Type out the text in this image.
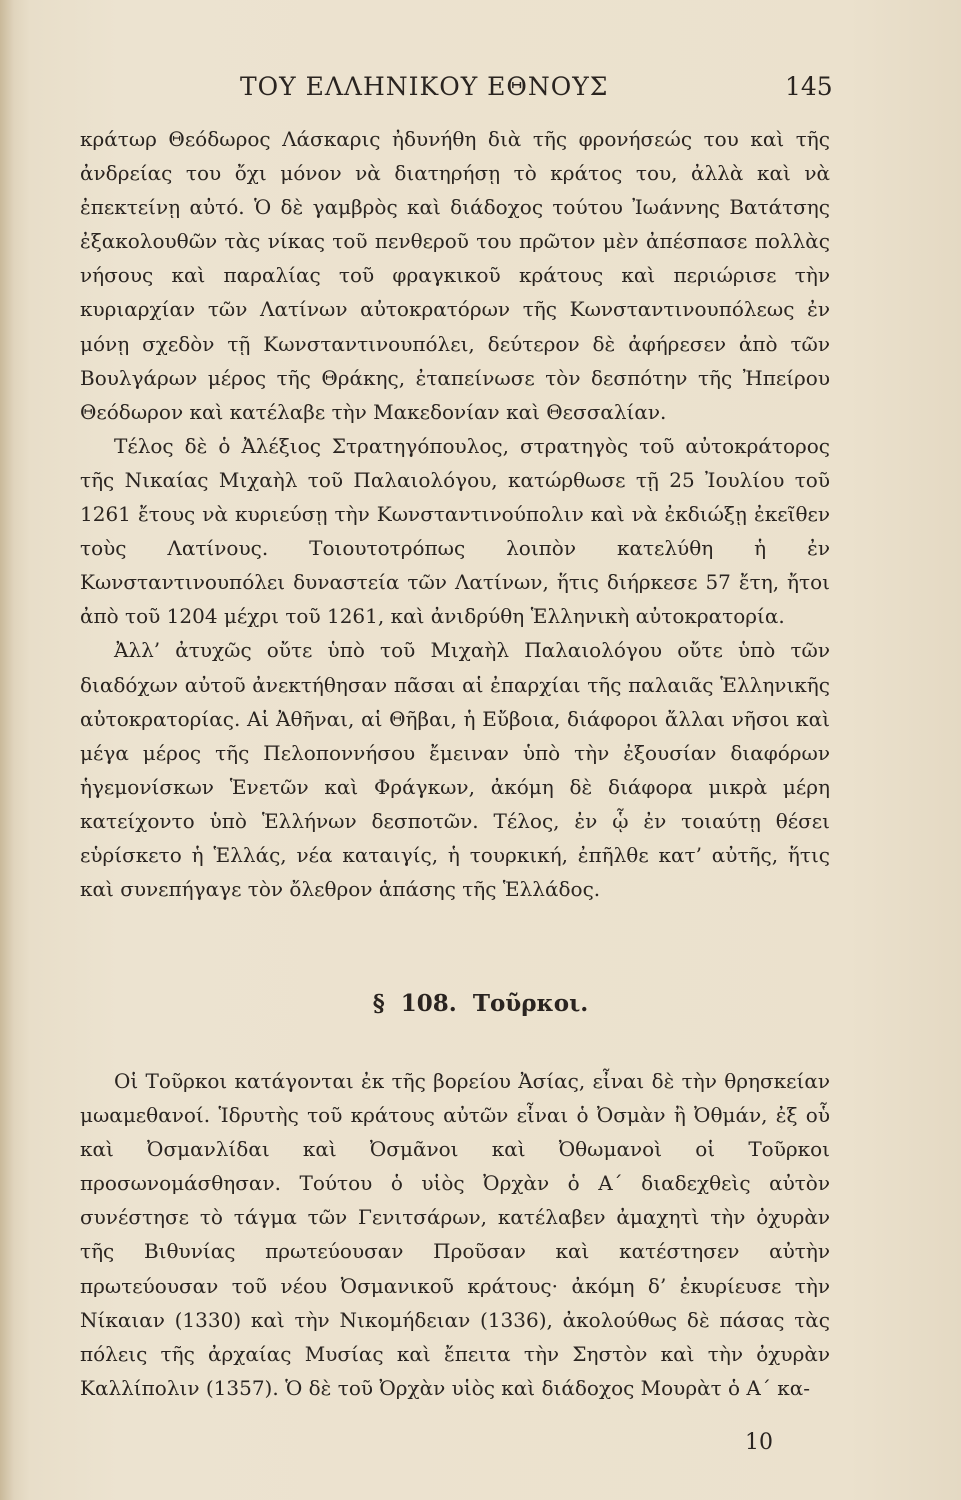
ΤΟΥ ΕΛΛΗΝΙΚΟΥ ΕΘΝΟΥΣ	145

κράτωρ Θεόδωρος Λάσκαρις ἠδυνήθη διὰ τῆς φρονήσεώς του καὶ τῆς ἀνδρείας του ὄχι μόνον νὰ διατηρήσῃ τὸ κράτος του, ἀλλὰ καὶ νὰ ἐπεκτείνῃ αὐτό. Ὁ δὲ γαμβρὸς καὶ διάδοχος τούτου Ἰωάννης Βατάτσης ἐξακολουθῶν τὰς νίκας τοῦ πενθεροῦ του πρῶτον μὲν ἀπέσπασε πολλὰς νήσους καὶ παραλίας τοῦ φραγκικοῦ κράτους καὶ περιώρισε τὴν κυριαρχίαν τῶν Λατίνων αὐτοκρατόρων τῆς Κωνσταντινουπόλεως ἐν μόνῃ σχεδὸν τῇ Κωνσταντινουπόλει, δεύτερον δὲ ἀφήρεσεν ἀπὸ τῶν Βουλγάρων μέρος τῆς Θράκης, ἐταπείνωσε τὸν δεσπότην τῆς Ἠπείρου Θεόδωρον καὶ κατέλαβε τὴν Μακεδονίαν καὶ Θεσσαλίαν.

Τέλος δὲ ὁ Ἀλέξιος Στρατηγόπουλος, στρατηγὸς τοῦ αὐτοκράτορος τῆς Νικαίας Μιχαὴλ τοῦ Παλαιολόγου, κατώρθωσε τῇ 25 Ἰουλίου τοῦ 1261 ἔτους νὰ κυριεύσῃ τὴν Κωνσταντινούπολιν καὶ νὰ ἐκδιώξῃ ἐκεῖθεν τοὺς Λατίνους. Τοιουτοτρόπως λοιπὸν κατελύθη ἡ ἐν Κωνσταντινουπόλει δυναστεία τῶν Λατίνων, ἥτις διήρκεσε 57 ἔτη, ἤτοι ἀπὸ τοῦ 1204 μέχρι τοῦ 1261, καὶ ἀνιδρύθη Ἑλληνικὴ αὐτοκρατορία.

Ἀλλ’ ἀτυχῶς οὔτε ὑπὸ τοῦ Μιχαὴλ Παλαιολόγου οὔτε ὑπὸ τῶν διαδόχων αὐτοῦ ἀνεκτήθησαν πᾶσαι αἱ ἐπαρχίαι τῆς παλαιᾶς Ἑλληνικῆς αὐτοκρατορίας. Αἱ Ἀθῆναι, αἱ Θῆβαι, ἡ Εὔβοια, διάφοροι ἄλλαι νῆσοι καὶ μέγα μέρος τῆς Πελοποννήσου ἔμειναν ὑπὸ τὴν ἐξουσίαν διαφόρων ἡγεμονίσκων Ἑνετῶν καὶ Φράγκων, ἀκόμη δὲ διάφορα μικρὰ μέρη κατείχοντο ὑπὸ Ἑλλήνων δεσποτῶν. Τέλος, ἐν ᾧ ἐν τοιαύτῃ θέσει εὑρίσκετο ἡ Ἑλλάς, νέα καταιγίς, ἡ τουρκική, ἐπῆλθε κατ’ αὐτῆς, ἥτις καὶ συνεπήγαγε τὸν ὄλεθρον ἁπάσης τῆς Ἑλλάδος.

§ 108. Τοῦρκοι.

Οἱ Τοῦρκοι κατάγονται ἐκ τῆς βορείου Ἀσίας, εἶναι δὲ τὴν θρησκείαν μωαμεθανοί. Ἱδρυτὴς τοῦ κράτους αὐτῶν εἶναι ὁ Ὀσμὰν ἢ Ὀθμάν, ἐξ οὗ καὶ Ὀσμανλίδαι καὶ Ὀσμᾶνοι καὶ Ὀθωμανοὶ οἱ Τοῦρκοι προσωνομάσθησαν. Τούτου ὁ υἱὸς Ὀρχὰν ὁ Α΄ διαδεχθεὶς αὐτὸν συνέστησε τὸ τάγμα τῶν Γενιτσάρων, κατέλαβεν ἀμαχητὶ τὴν ὀχυρὰν τῆς Βιθυνίας πρωτεύουσαν Προῦσαν καὶ κατέστησεν αὐτὴν πρωτεύουσαν τοῦ νέου Ὀσμανικοῦ κράτους· ἀκόμη δ’ ἐκυρίευσε τὴν Νίκαιαν (1330) καὶ τὴν Νικομήδειαν (1336), ἀκολούθως δὲ πάσας τὰς πόλεις τῆς ἀρχαίας Μυσίας καὶ ἔπειτα τὴν Σηστὸν καὶ τὴν ὀχυρὰν Καλλίπολιν (1357). Ὁ δὲ τοῦ Ὀρχὰν υἱὸς καὶ διάδοχος Μουρὰτ ὁ Α΄ κα-

10
